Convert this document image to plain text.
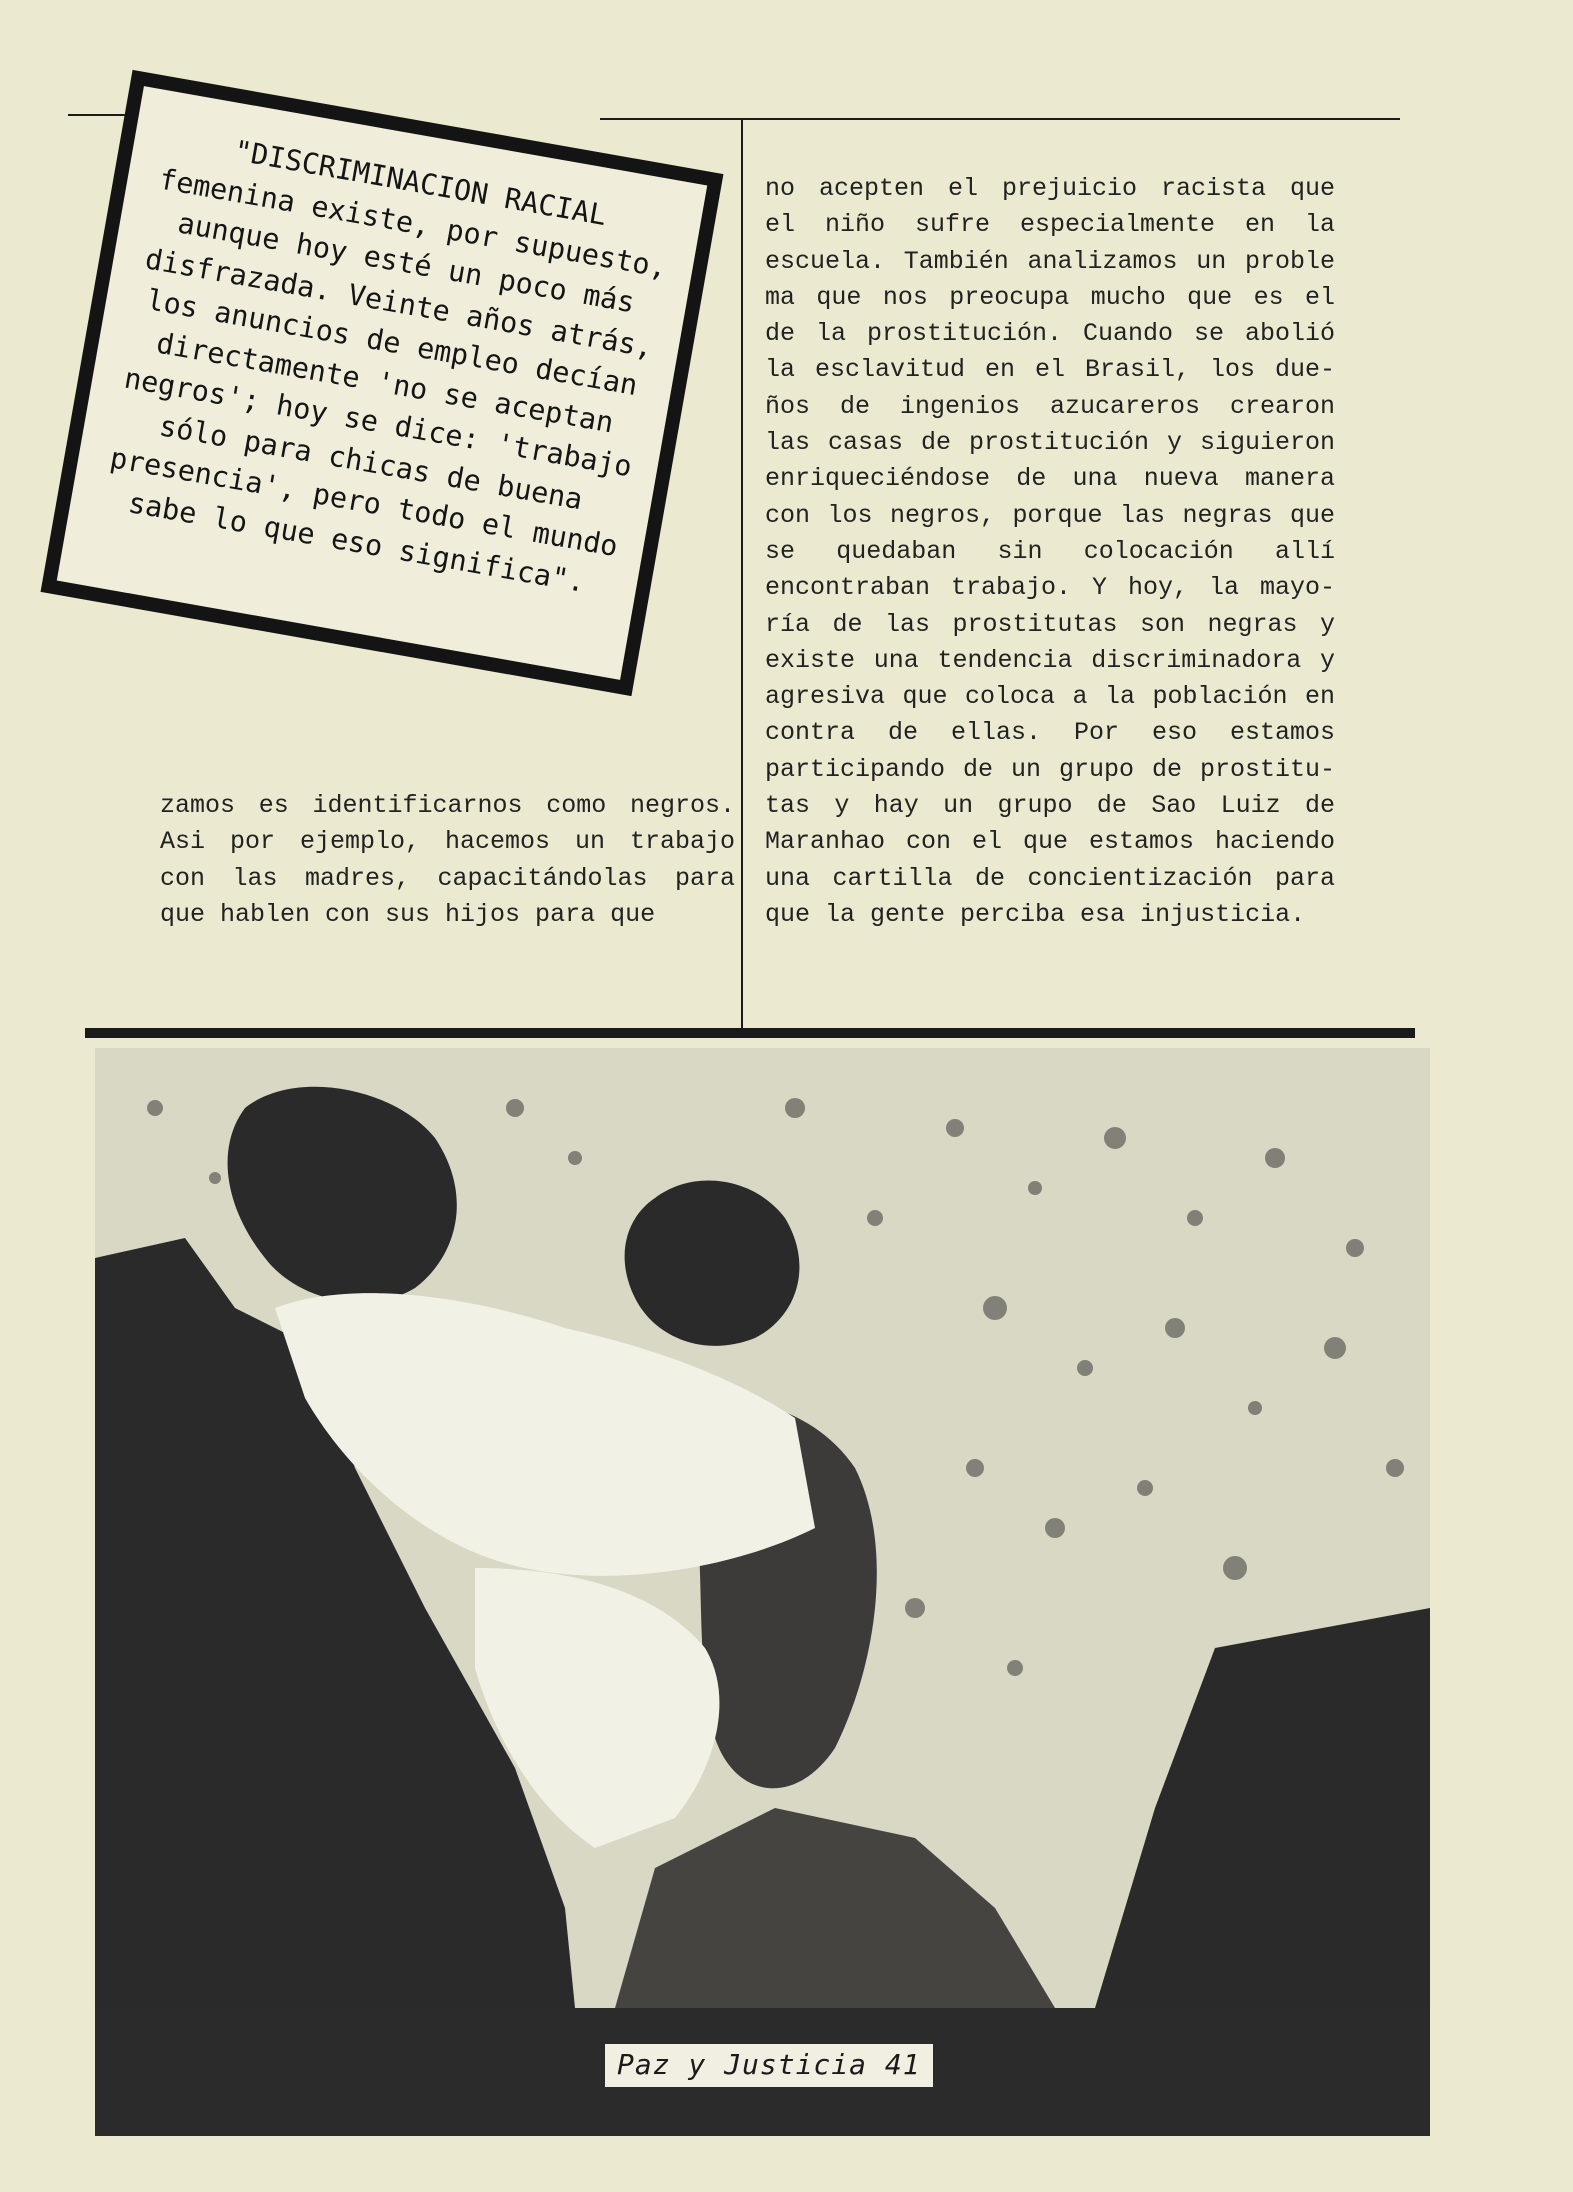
"DISCRIMINACION RACIAL femenina existe, por supuesto, aunque hoy esté un poco más disfrazada. Veinte años atrás, los anuncios de empleo decían directamente 'no se aceptan negros'; hoy se dice: 'trabajo sólo para chicas de buena presencia', pero todo el mundo sabe lo que eso significa".

zamos es identificarnos como negros. Asi por ejemplo, hacemos un trabajo con las madres, capacitándolas para que hablen con sus hijos para que

no acepten el prejuicio racista que el niño sufre especialmente en la escuela. También analizamos un proble ma que nos preocupa mucho que es el de la prostitución. Cuando se abolió la esclavitud en el Brasil, los due- ños de ingenios azucareros crearon las casas de prostitución y siguieron enriqueciéndose de una nueva manera con los negros, porque las negras que se quedaban sin colocación allí encontraban trabajo. Y hoy, la mayo- ría de las prostitutas son negras y existe una tendencia discriminadora y agresiva que coloca a la población en contra de ellas. Por eso estamos participando de un grupo de prostitu- tas y hay un grupo de Sao Luiz de Maranhao con el que estamos haciendo una cartilla de concientización para que la gente perciba esa injusticia.

Paz y Justicia 41
